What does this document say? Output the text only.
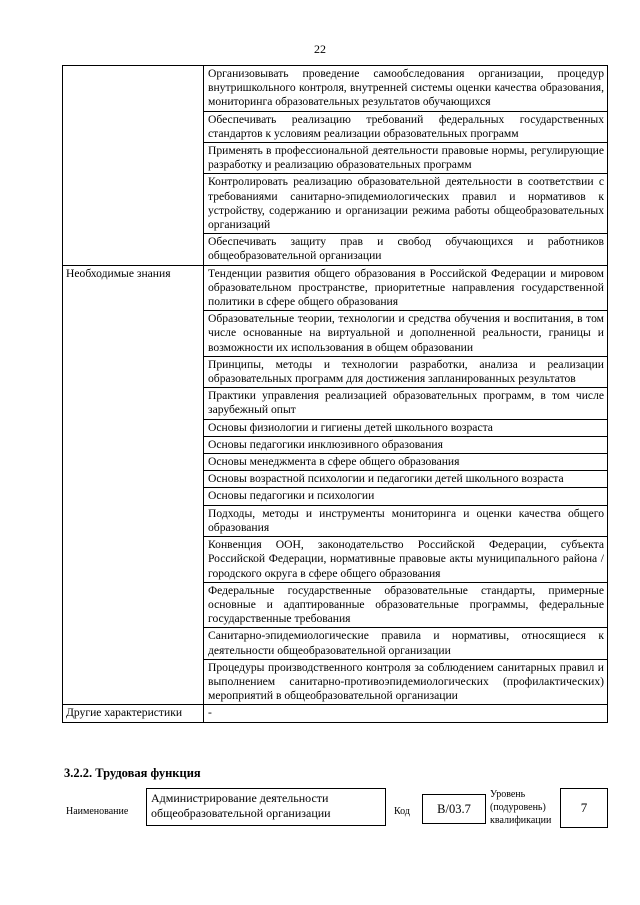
22
	Организовывать проведение самообследования организации, процедур внутришкольного контроля, внутренней системы оценки качества образования, мониторинга образовательных результатов обучающихся
	Обеспечивать реализацию требований федеральных государственных стандартов к условиям реализации образовательных программ
	Применять в профессиональной деятельности правовые нормы, регулирующие разработку и реализацию образовательных программ
	Контролировать реализацию образовательной деятельности в соответствии с требованиями санитарно-эпидемиологических правил и нормативов к устройству, содержанию и организации режима работы общеобразовательных организаций
	Обеспечивать защиту прав и свобод обучающихся и работников общеобразовательной организации
Необходимые знания	Тенденции развития общего образования в Российской Федерации и мировом образовательном пространстве, приоритетные направления государственной политики в сфере общего образования
	Образовательные теории, технологии и средства обучения и воспитания, в том числе основанные на виртуальной и дополненной реальности, границы и возможности их использования в общем образовании
	Принципы, методы и технологии разработки, анализа и реализации образовательных программ для достижения запланированных результатов
	Практики управления реализацией образовательных программ, в том числе зарубежный опыт
	Основы физиологии и гигиены детей школьного возраста
	Основы педагогики инклюзивного образования
	Основы менеджмента в сфере общего образования
	Основы возрастной психологии и педагогики детей школьного возраста
	Основы педагогики и психологии
	Подходы, методы и инструменты мониторинга и оценки качества общего образования
	Конвенция ООН, законодательство Российской Федерации, субъекта Российской Федерации, нормативные правовые акты муниципального района / городского округа в сфере общего образования
	Федеральные государственные образовательные стандарты, примерные основные и адаптированные образовательные программы, федеральные государственные требования
	Санитарно-эпидемиологические правила и нормативы, относящиеся к деятельности общеобразовательной организации
	Процедуры производственного контроля за соблюдением санитарных правил и выполнением санитарно-противоэпидемиологических (профилактических) мероприятий в общеобразовательной организации
Другие характеристики	-
3.2.2. Трудовая функция
Наименование
Администрирование деятельности общеобразовательной организации	Код	B/03.7
Уровень (подуровень) квалификации
7
